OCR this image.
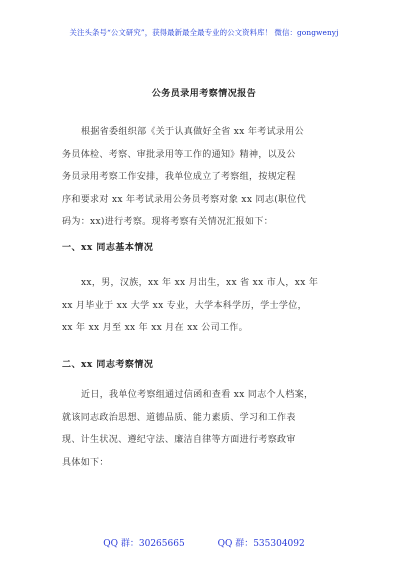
关注头条号“公文研究”，获得最新最全最专业的公文资料库！ 微信：gongwenyj
公务员录用考察情况报告
根据省委组织部《关于认真做好全省 xx 年考试录用公
务员体检、考察、审批录用等工作的通知》精神，以及公
务员录用考察工作安排，我单位成立了考察组，按规定程
序和要求对 xx 年考试录用公务员考察对象 xx 同志(职位代
码为：xx)进行考察。现将考察有关情况汇报如下：
一、xx 同志基本情况
xx，男，汉族，xx 年 xx 月出生，xx 省 xx 市人，xx 年
xx 月毕业于 xx 大学 xx 专业，大学本科学历，学士学位，
xx 年 xx 月至 xx 年 xx 月在 xx 公司工作。
二、xx 同志考察情况
近日，我单位考察组通过信函和查看 xx 同志个人档案，
就该同志政治思想、道德品质、能力素质、学习和工作表
现、计生状况、遵纪守法、廉洁自律等方面进行考察政审
具体如下：
QQ 群：30265665	QQ 群：535304092
